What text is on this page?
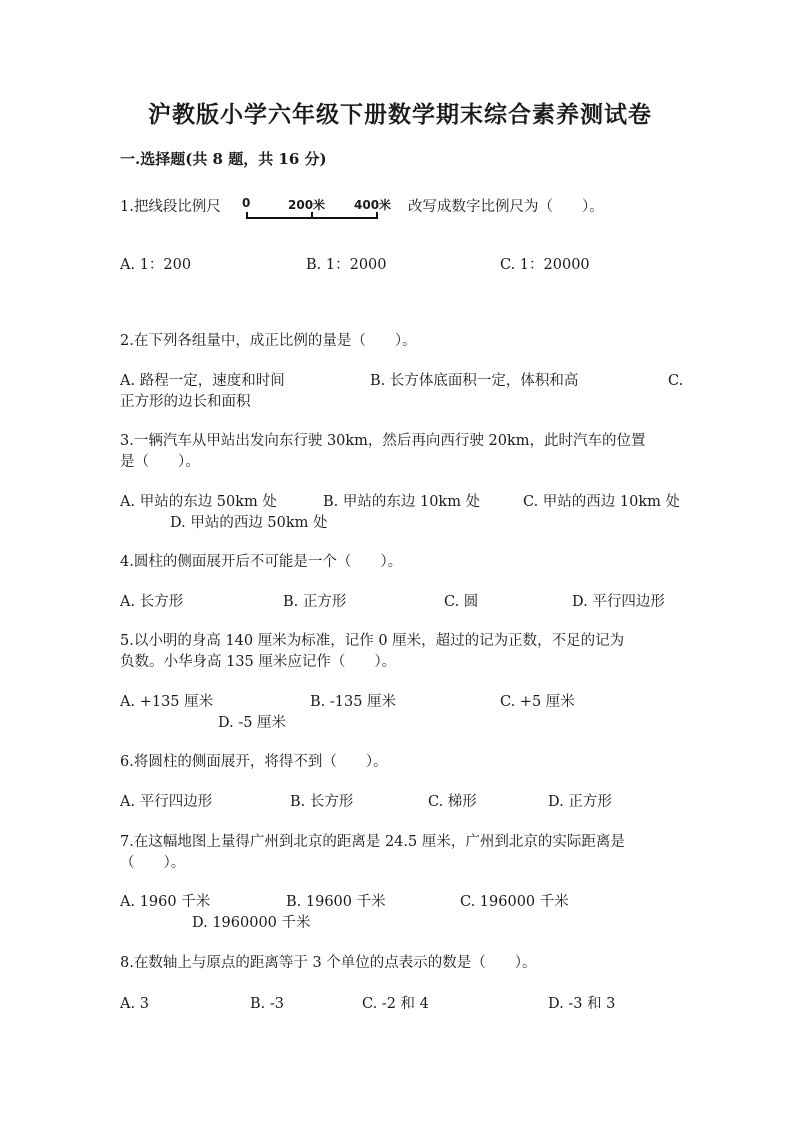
沪教版小学六年级下册数学期末综合素养测试卷
一.选择题(共 8 题，共 16 分)
1.把线段比例尺 0	200米 400米 改写成数字比例尺为（　　）。
A. 1：200	B. 1：2000	C. 1：20000
2.在下列各组量中，成正比例的量是（　　）。
A. 路程一定，速度和时间	B. 长方体底面积一定，体积和高	C.
正方形的边长和面积
3.一辆汽车从甲站出发向东行驶 30km，然后再向西行驶 20km，此时汽车的位置
是（　　）。
A. 甲站的东边 50km 处	B. 甲站的东边 10km 处	C. 甲站的西边 10km 处
D. 甲站的西边 50km 处
4.圆柱的侧面展开后不可能是一个（　　）。
A. 长方形	B. 正方形	C. 圆	D. 平行四边形
5.以小明的身高 140 厘米为标准，记作 0 厘米，超过的记为正数，不足的记为
负数。小华身高 135 厘米应记作（　　）。
A. +135 厘米	B. -135 厘米	C. +5 厘米
D. -5 厘米
6.将圆柱的侧面展开，将得不到（　　）。
A. 平行四边形	B. 长方形	C. 梯形	D. 正方形
7.在这幅地图上量得广州到北京的距离是 24.5 厘米，广州到北京的实际距离是
（　　）。
A. 1960 千米	B. 19600 千米	C. 196000 千米
D. 1960000 千米
8.在数轴上与原点的距离等于 3 个单位的点表示的数是（　　）。
A. 3	B. -3	C. -2 和 4	D. -3 和 3
